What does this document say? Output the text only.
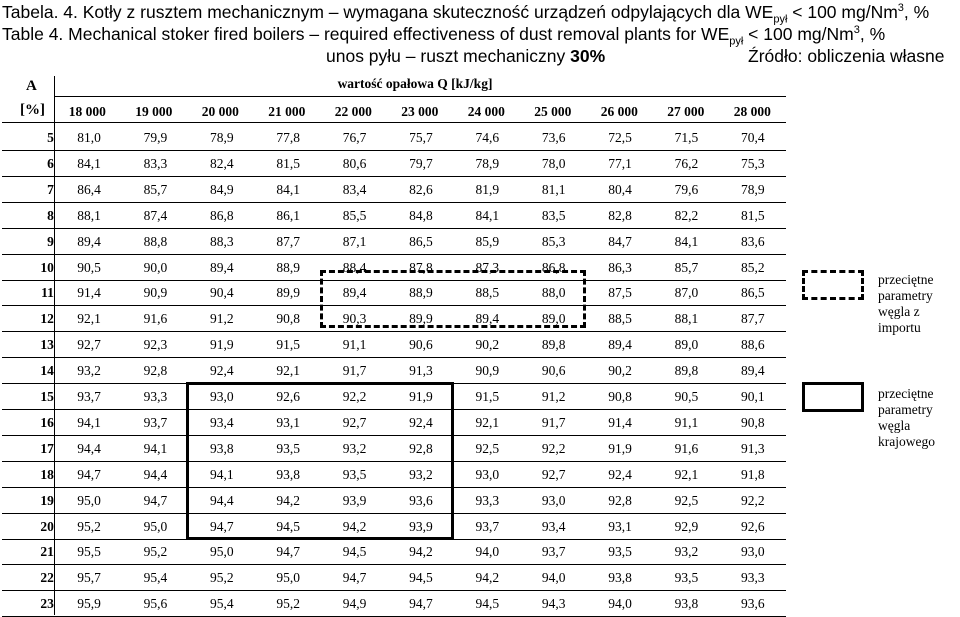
Tabela. 4. Kotły z rusztem mechanicznym – wymagana skuteczność urządzeń odpylających dla $WE_{pył} < 100$ mg/Nm$^3$, %
Table 4. Mechanical stoker fired boilers – required effectiveness of dust removal plants for $WE_{pył} < 100$ mg/Nm$^3$, %
unos pyłu – ruszt mechaniczny 30%	Źródło: obliczenia własne
A
[%]
wartość opałowa Q [kJ/kg]
18 000	19 000	20 000	21 000	22 000	23 000	24 000	25 000	26 000	27 000	28 000
5	81,0	79,9	78,9	77,8	76,7	75,7	74,6	73,6	72,5	71,5	70,4
6	84,1	83,3	82,4	81,5	80,6	79,7	78,9	78,0	77,1	76,2	75,3
7	86,4	85,7	84,9	84,1	83,4	82,6	81,9	81,1	80,4	79,6	78,9
8	88,1	87,4	86,8	86,1	85,5	84,8	84,1	83,5	82,8	82,2	81,5
9	89,4	88,8	88,3	87,7	87,1	86,5	85,9	85,3	84,7	84,1	83,6
10	90,5	90,0	89,4	88,9	88,4	87,8	87,3	86,8	86,3	85,7	85,2
11	91,4	90,9	90,4	89,9	89,4	88,9	88,5	88,0	87,5	87,0	86,5
12	92,1	91,6	91,2	90,8	90,3	89,9	89,4	89,0	88,5	88,1	87,7
13	92,7	92,3	91,9	91,5	91,1	90,6	90,2	89,8	89,4	89,0	88,6
14	93,2	92,8	92,4	92,1	91,7	91,3	90,9	90,6	90,2	89,8	89,4
15	93,7	93,3	93,0	92,6	92,2	91,9	91,5	91,2	90,8	90,5	90,1
16	94,1	93,7	93,4	93,1	92,7	92,4	92,1	91,7	91,4	91,1	90,8
17	94,4	94,1	93,8	93,5	93,2	92,8	92,5	92,2	91,9	91,6	91,3
18	94,7	94,4	94,1	93,8	93,5	93,2	93,0	92,7	92,4	92,1	91,8
19	95,0	94,7	94,4	94,2	93,9	93,6	93,3	93,0	92,8	92,5	92,2
20	95,2	95,0	94,7	94,5	94,2	93,9	93,7	93,4	93,1	92,9	92,6
21	95,5	95,2	95,0	94,7	94,5	94,2	94,0	93,7	93,5	93,2	93,0
22	95,7	95,4	95,2	95,0	94,7	94,5	94,2	94,0	93,8	93,5	93,3
23	95,9	95,6	95,4	95,2	94,9	94,7	94,5	94,3	94,0	93,8	93,6
przeciętne parametry węgla z importu
przeciętne parametry węgla krajowego
